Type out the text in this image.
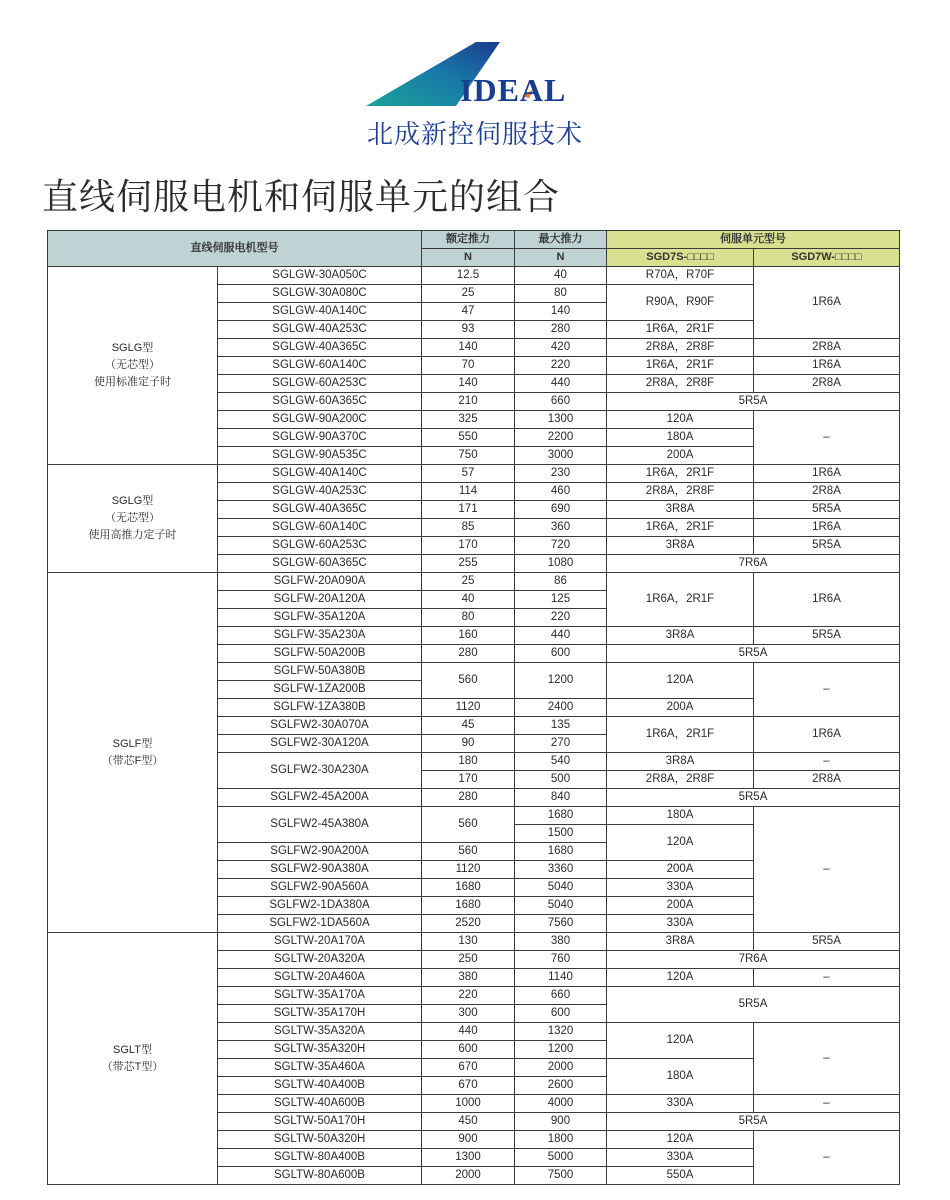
IDEAL
北成新控伺服技术
直线伺服电机和伺服单元的组合
直线伺服电机型号		额定推力	最大推力	伺服单元型号	
		N	N	SGD7S-□□□□	SGD7W-□□□□
SGLG型
（无芯型）
使用标准定子时	SGLGW-30A050C	12.5	40	R70A，R70F	1R6A
	SGLGW-30A080C	25	80	R90A，R90F	
	SGLGW-40A140C	47	140		
	SGLGW-40A253C	93	280	1R6A，2R1F	
	SGLGW-40A365C	140	420	2R8A，2R8F	2R8A
	SGLGW-60A140C	70	220	1R6A，2R1F	1R6A
	SGLGW-60A253C	140	440	2R8A，2R8F	2R8A
	SGLGW-60A365C	210	660	5R5A	
	SGLGW-90A200C	325	1300	120A	–
	SGLGW-90A370C	550	2200	180A	
	SGLGW-90A535C	750	3000	200A	
SGLG型
（无芯型）
使用高推力定子时	SGLGW-40A140C	57	230	1R6A，2R1F	1R6A
	SGLGW-40A253C	114	460	2R8A，2R8F	2R8A
	SGLGW-40A365C	171	690	3R8A	5R5A
	SGLGW-60A140C	85	360	1R6A，2R1F	1R6A
	SGLGW-60A253C	170	720	3R8A	5R5A
	SGLGW-60A365C	255	1080	7R6A	
SGLF型
（带芯F型）	SGLFW-20A090A	25	86	1R6A，2R1F	1R6A
	SGLFW-20A120A	40	125		
	SGLFW-35A120A	80	220		
	SGLFW-35A230A	160	440	3R8A	5R5A
	SGLFW-50A200B	280	600	5R5A	
	SGLFW-50A380B	560	1200	120A	–
	SGLFW-1ZA200B				
	SGLFW-1ZA380B	1120	2400	200A	
	SGLFW2-30A070A	45	135	1R6A，2R1F	1R6A
	SGLFW2-30A120A	90	270		
	SGLFW2-30A230A	180	540	3R8A	–
		170	500	2R8A，2R8F	2R8A
	SGLFW2-45A200A	280	840	5R5A	
	SGLFW2-45A380A	560	1680	180A	–
			1500	120A	
	SGLFW2-90A200A	560	1680		
	SGLFW2-90A380A	1120	3360	200A	
	SGLFW2-90A560A	1680	5040	330A	
	SGLFW2-1DA380A	1680	5040	200A	
	SGLFW2-1DA560A	2520	7560	330A	
SGLT型
（带芯T型）	SGLTW-20A170A	130	380	3R8A	5R5A
	SGLTW-20A320A	250	760	7R6A	
	SGLTW-20A460A	380	1140	120A	–
	SGLTW-35A170A	220	660	5R5A	
	SGLTW-35A170H	300	600		
	SGLTW-35A320A	440	1320	120A	–
	SGLTW-35A320H	600	1200		
	SGLTW-35A460A	670	2000	180A	
	SGLTW-40A400B	670	2600		
	SGLTW-40A600B	1000	4000	330A	–
	SGLTW-50A170H	450	900	5R5A	
	SGLTW-50A320H	900	1800	120A	–
	SGLTW-80A400B	1300	5000	330A	
	SGLTW-80A600B	2000	7500	550A	
